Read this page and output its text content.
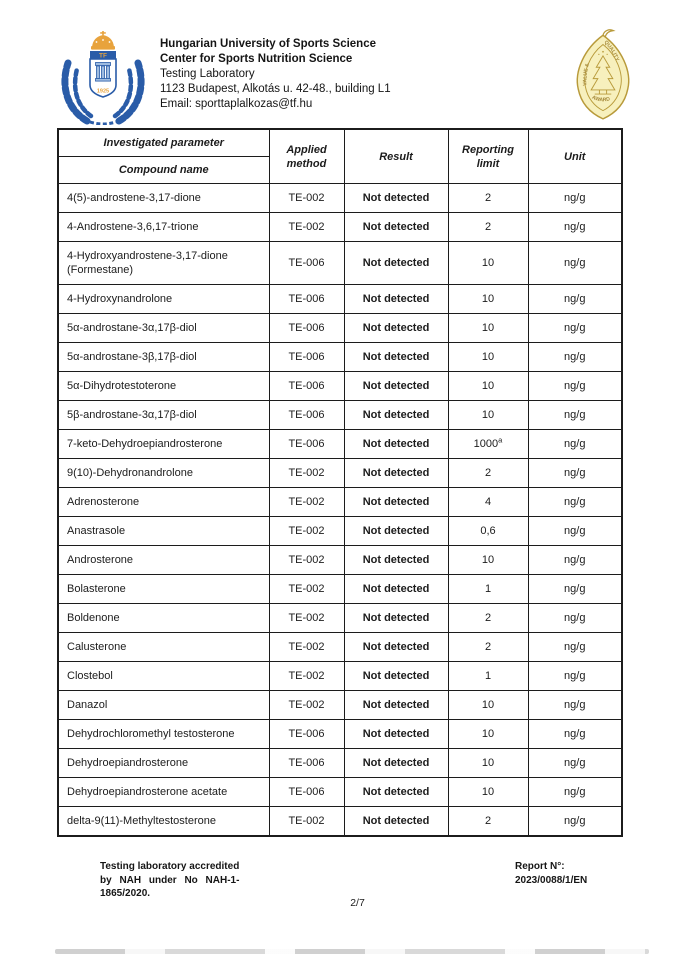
TF
1925
Hungarian University of Sports Science
Center for Sports Nutrition Science
Testing Laboratory
1123 Budapest, Alkotás u. 42-48., building L1
Email: sporttaplalkozas@tf.hu
VALUE &
QUALITY
AWARD
Investigated parameter	Applied method	Result	Reporting limit	Unit
Compound name				
4(5)-androstene-3,17-dione	TE-002	Not detected	2	ng/g
4-Androstene-3,6,17-trione	TE-002	Not detected	2	ng/g
4-Hydroxyandrostene-3,17-dione (Formestane)	TE-006	Not detected	10	ng/g
4-Hydroxynandrolone	TE-006	Not detected	10	ng/g
5α-androstane-3α,17β-diol	TE-006	Not detected	10	ng/g
5α-androstane-3β,17β-diol	TE-006	Not detected	10	ng/g
5α-Dihydrotestoterone	TE-006	Not detected	10	ng/g
5β-androstane-3α,17β-diol	TE-006	Not detected	10	ng/g
7-keto-Dehydroepiandrosterone	TE-006	Not detected	1000$^a$	ng/g
9(10)-Dehydronandrolone	TE-002	Not detected	2	ng/g
Adrenosterone	TE-002	Not detected	4	ng/g
Anastrasole	TE-002	Not detected	0,6	ng/g
Androsterone	TE-002	Not detected	10	ng/g
Bolasterone	TE-002	Not detected	1	ng/g
Boldenone	TE-002	Not detected	2	ng/g
Calusterone	TE-002	Not detected	2	ng/g
Clostebol	TE-002	Not detected	1	ng/g
Danazol	TE-002	Not detected	10	ng/g
Dehydrochloromethyl testosterone	TE-006	Not detected	10	ng/g
Dehydroepiandrosterone	TE-006	Not detected	10	ng/g
Dehydroepiandrosterone acetate	TE-006	Not detected	10	ng/g
delta-9(11)-Methyltestosterone	TE-002	Not detected	2	ng/g
Testing laboratory accredited
by NAH under No NAH-1-
1865/2020.
Report N°:
2023/0088/1/EN
2/7
